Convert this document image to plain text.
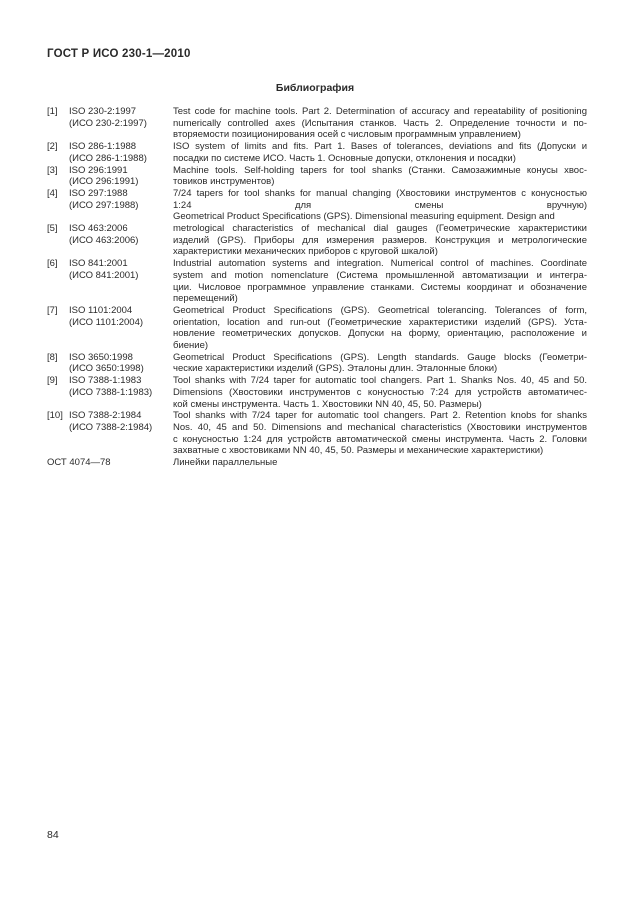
ГОСТ Р ИСО 230-1—2010
Библиография
[1] ISO 230-2:1997
(ИСО 230-2:1997)
Test code for machine tools. Part 2. Determination of accuracy and repeatability of positioning
numerically controlled axes (Испытания станков. Часть 2. Определение точности и по-
вторяемости позиционирования осей с числовым программным управлением)
[2] ISO 286-1:1988
(ИСО 286-1:1988)
ISO system of limits and fits. Part 1. Bases of tolerances, deviations and fits (Допуски и
посадки по системе ИСО. Часть 1. Основные допуски, отклонения и посадки)
[3] ISO 296:1991
(ИСО 296:1991)
Machine tools. Self-holding tapers for tool shanks (Станки. Самозажимные конусы хвос-
товиков инструментов)
[4] ISO 297:1988
(ИСО 297:1988)
7/24 tapers for tool shanks for manual changing (Хвостовики инструментов с конусностью
1:24 для смены вручную)
Geometrical Product Specifications (GPS). Dimensional measuring equipment. Design and
[5] ISO 463:2006
(ИСО 463:2006)
metrological characteristics of mechanical dial gauges (Геометрические характеристики
изделий (GPS). Приборы для измерения размеров. Конструкция и метрологические
характеристики механических приборов с круговой шкалой)
[6] ISO 841:2001
(ИСО 841:2001)
Industrial automation systems and integration. Numerical control of machines. Coordinate
system and motion nomenclature (Система промышленной автоматизации и интегра-
ции. Числовое программное управление станками. Системы координат и обозначение
перемещений)
[7] ISO 1101:2004
(ИСО 1101:2004)
Geometrical Product Specifications (GPS). Geometrical tolerancing. Tolerances of form,
orientation, location and run-out (Геометрические характеристики изделий (GPS). Уста-
новление геометрических допусков. Допуски на форму, ориентацию, расположение и
биение)
[8] ISO 3650:1998
(ИСО 3650:1998)
Geometrical Product Specifications (GPS). Length standards. Gauge blocks (Геометри-
ческие характеристики изделий (GPS). Эталоны длин. Эталонные блоки)
[9] ISO 7388-1:1983
(ИСО 7388-1:1983)
Tool shanks with 7/24 taper for automatic tool changers. Part 1. Shanks Nos. 40, 45 and 50.
Dimensions (Хвостовики инструментов с конусностью 7:24 для устройств автоматичес-
кой смены инструмента. Часть 1. Хвостовики NN 40, 45, 50. Размеры)
[10] ISO 7388-2:1984
(ИСО 7388-2:1984)
Tool shanks with 7/24 taper for automatic tool changers. Part 2. Retention knobs for shanks
Nos. 40, 45 and 50. Dimensions and mechanical characteristics (Хвостовики инструментов
с конусностью 1:24 для устройств автоматической смены инструмента. Часть 2. Головки
захватные с хвостовиками NN 40, 45, 50. Размеры и механические характеристики)
ОСТ 4074—78	Линейки параллельные
84
